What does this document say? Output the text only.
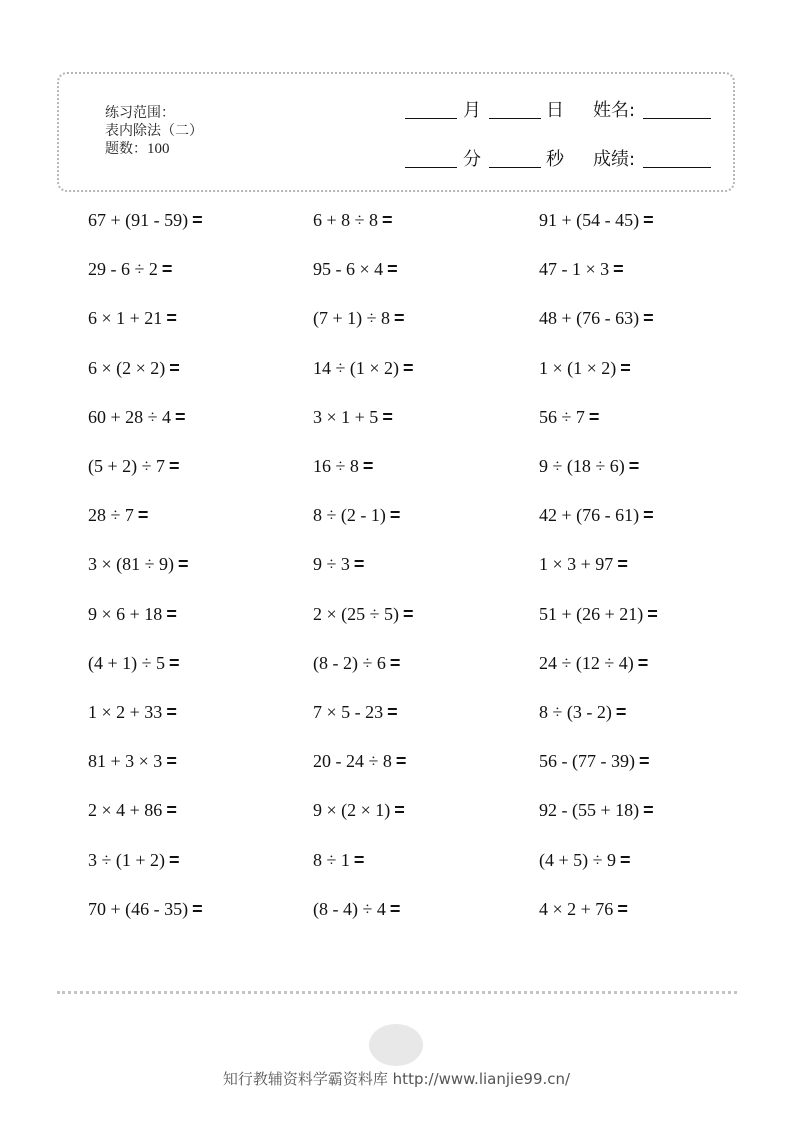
练习范围：
表内除法（二）
题数：100
月	日 姓名:
分	秒 成绩:
67 + (91 - 59) =	6 + 8 ÷ 8 =	91 + (54 - 45) =
29 - 6 ÷ 2 =	95 - 6 × 4 =	47 - 1 × 3 =
6 × 1 + 21 =	(7 + 1) ÷ 8 =	48 + (76 - 63) =
6 × (2 × 2) =	14 ÷ (1 × 2) =	1 × (1 × 2) =
60 + 28 ÷ 4 =	3 × 1 + 5 =	56 ÷ 7 =
(5 + 2) ÷ 7 =	16 ÷ 8 =	9 ÷ (18 ÷ 6) =
28 ÷ 7 =	8 ÷ (2 - 1) =	42 + (76 - 61) =
3 × (81 ÷ 9) =	9 ÷ 3 =	1 × 3 + 97 =
9 × 6 + 18 =	2 × (25 ÷ 5) =	51 + (26 + 21) =
(4 + 1) ÷ 5 =	(8 - 2) ÷ 6 =	24 ÷ (12 ÷ 4) =
1 × 2 + 33 =	7 × 5 - 23 =	8 ÷ (3 - 2) =
81 + 3 × 3 =	20 - 24 ÷ 8 =	56 - (77 - 39) =
2 × 4 + 86 =	9 × (2 × 1) =	92 - (55 + 18) =
3 ÷ (1 + 2) =	8 ÷ 1 =	(4 + 5) ÷ 9 =
70 + (46 - 35) =	(8 - 4) ÷ 4 =	4 × 2 + 76 =
知行教辅资料学霸资料库 http://www.lianjie99.cn/
